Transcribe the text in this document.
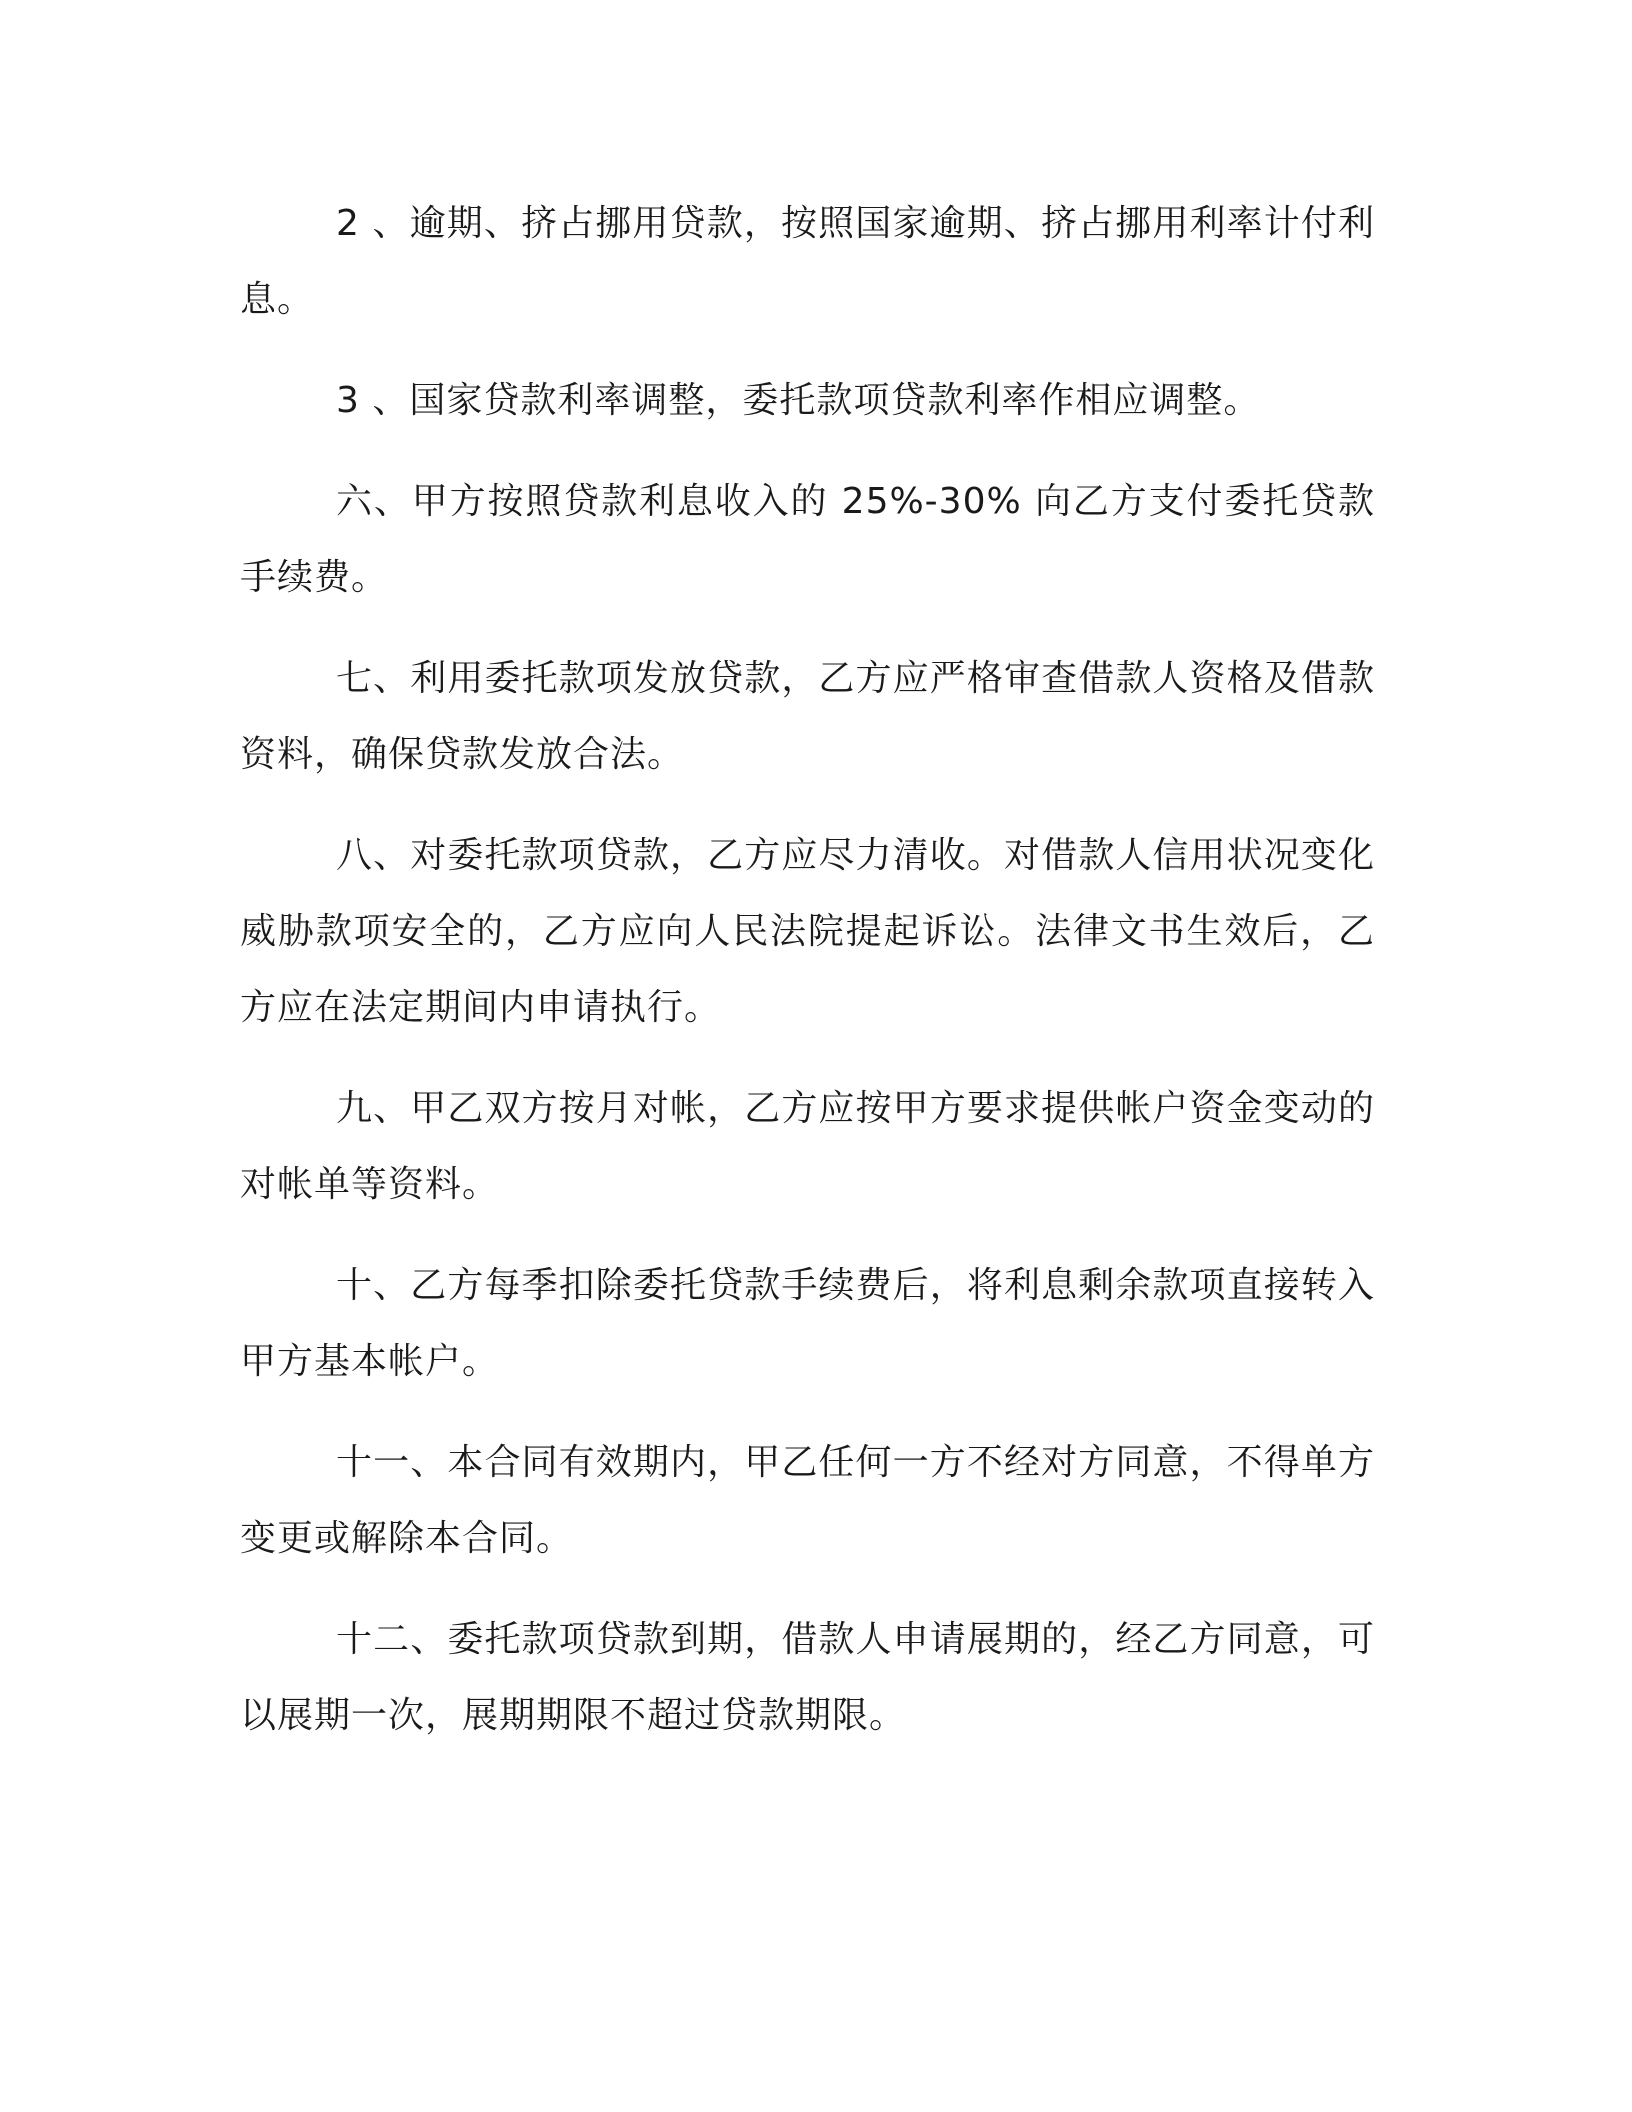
2 、逾期、挤占挪用贷款，按照国家逾期、挤占挪用利率计付利息。

3 、国家贷款利率调整，委托款项贷款利率作相应调整。

六、甲方按照贷款利息收入的 25%-30% 向乙方支付委托贷款手续费。

七、利用委托款项发放贷款，乙方应严格审查借款人资格及借款资料，确保贷款发放合法。

八、对委托款项贷款，乙方应尽力清收。对借款人信用状况变化威胁款项安全的，乙方应向人民法院提起诉讼。法律文书生效后，乙方应在法定期间内申请执行。

九、甲乙双方按月对帐，乙方应按甲方要求提供帐户资金变动的对帐单等资料。

十、乙方每季扣除委托贷款手续费后，将利息剩余款项直接转入甲方基本帐户。

十一、本合同有效期内，甲乙任何一方不经对方同意，不得单方变更或解除本合同。

十二、委托款项贷款到期，借款人申请展期的，经乙方同意，可以展期一次，展期期限不超过贷款期限。
